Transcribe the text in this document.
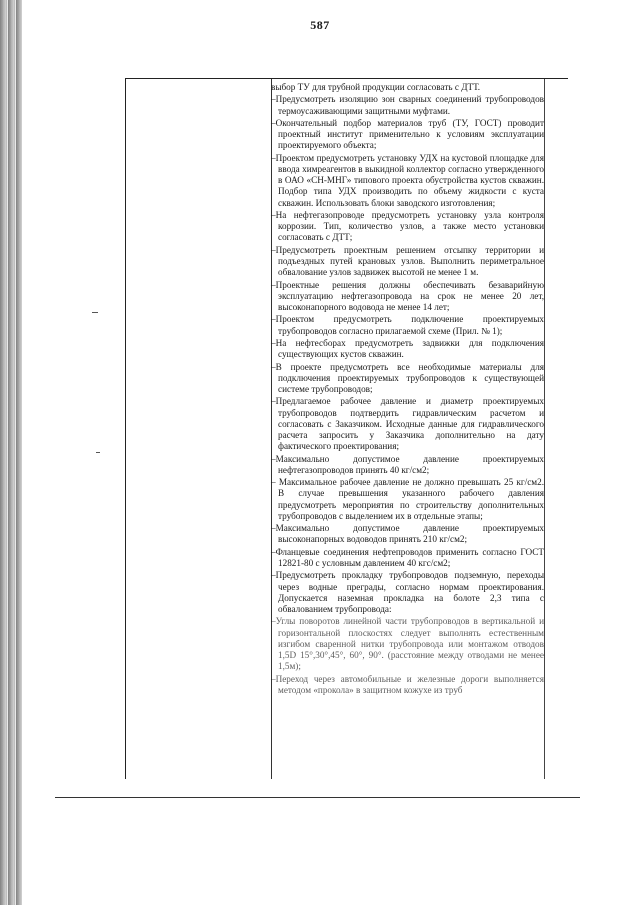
587

выбор ТУ для трубной продукции согласовать с ДТТ.

–Предусмотреть изоляцию зон сварных соединений трубопроводов термоусаживающими защитными муфтами.

–Окончательный подбор материалов труб (ТУ, ГОСТ) проводит проектный институт применительно к условиям эксплуатации проектируемого объекта;

–Проектом предусмотреть установку УДХ на кустовой площадке для ввода химреагентов в выкидной коллектор согласно утвержденного в ОАО «СН-МНГ» типового проекта обустройства кустов скважин. Подбор типа УДХ производить по объему жидкости с куста скважин. Использовать блоки заводского изготовления;

–На нефтегазопроводе предусмотреть установку узла контроля коррозии. Тип, количество узлов, а также место установки согласовать с ДТТ;

–Предусмотреть проектным решением отсыпку территории и подъездных путей крановых узлов. Выполнить периметральное обвалование узлов задвижек высотой не менее 1 м.

–Проектные решения должны обеспечивать безаварийную эксплуатацию нефтегазопровода на срок не менее 20 лет, высоконапорного водовода не менее 14 лет;

–Проектом предусмотреть подключение проектируемых трубопроводов согласно прилагаемой схеме (Прил. № 1);

–На нефтесборах предусмотреть задвижки для подключения существующих кустов скважин.

–В проекте предусмотреть все необходимые материалы для подключения проектируемых трубопроводов к существующей системе трубопроводов;

–Предлагаемое рабочее давление и диаметр проектируемых трубопроводов подтвердить гидравлическим расчетом и согласовать с Заказчиком. Исходные данные для гидравлического расчета запросить у Заказчика дополнительно на дату фактического проектирования;

–Максимально допустимое давление проектируемых нефтегазопроводов принять 40 кг/см2;

– Максимальное рабочее давление не должно превышать 25 кг/см2. В случае превышения указанного рабочего давления предусмотреть мероприятия по строительству дополнительных трубопроводов с выделением их в отдельные этапы;

–Максимально допустимое давление проектируемых высоконапорных водоводов принять 210 кг/см2;

–Фланцевые соединения нефтепроводов применить согласно ГОСТ 12821-80 с условным давлением 40 кгс/см2;

–Предусмотреть прокладку трубопроводов подземную, переходы через водные преграды, согласно нормам проектирования. Допускается наземная прокладка на болоте 2,3 типа с обвалованием трубопровода:

–Углы поворотов линейной части трубопроводов в вертикальной и горизонтальной плоскостях следует выполнять естественным изгибом сваренной нитки трубопровода или монтажом отводов 1,5D 15°,30°,45°, 60°, 90°. (расстояние между отводами не менее 1,5м);

–Переход через автомобильные и железные дороги выполняется методом «прокола» в защитном кожухе из труб
